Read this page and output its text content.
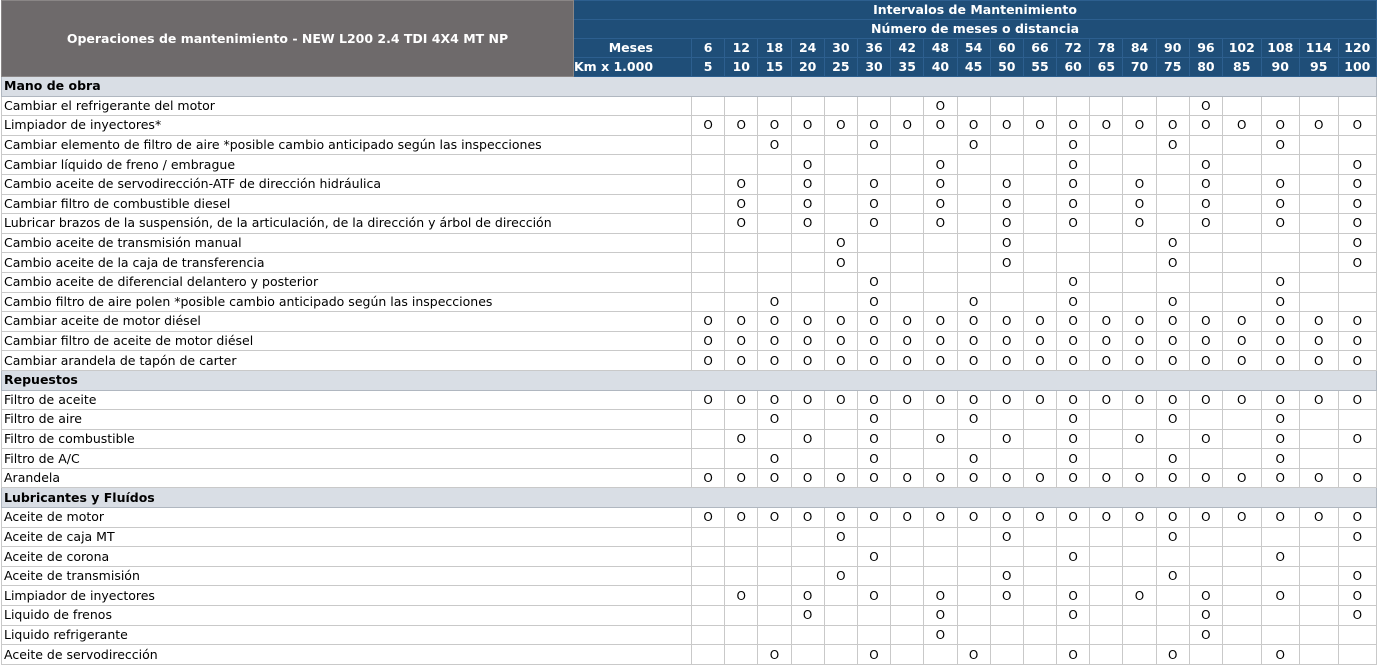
Operaciones de mantenimiento - NEW L200 2.4 TDI 4X4 MT NP	Intervalos de Mantenimiento																				
	Número de meses o distancia																				
	Meses	6	12	18	24	30	36	42	48	54	60	66	72	78	84	90	96	102	108	114	120
	Km x 1.000	5	10	15	20	25	30	35	40	45	50	55	60	65	70	75	80	85	90	95	100
Mano de obra																					
Cambiar el refrigerante del motor									O								O				
Limpiador de inyectores*		O	O	O	O	O	O	O	O	O	O	O	O	O	O	O	O	O	O	O	O
Cambiar elemento de filtro de aire *posible cambio anticipado según las inspecciones				O			O			O			O			O			O		
Cambiar líquido de freno / embrague					O				O				O				O				O
Cambio aceite de servodirección-ATF de dirección hidráulica			O		O		O		O		O		O		O		O		O		O
Cambiar filtro de combustible diesel			O		O		O		O		O		O		O		O		O		O
Lubricar brazos de la suspensión, de la articulación, de la dirección y árbol de dirección			O		O		O		O		O		O		O		O		O		O
Cambio aceite de transmisión manual						O					O					O					O
Cambio aceite de la caja de transferencia						O					O					O					O
Cambio aceite de diferencial delantero y posterior							O						O						O		
Cambio filtro de aire polen *posible cambio anticipado según las inspecciones				O			O			O			O			O			O		
Cambiar aceite de motor diésel		O	O	O	O	O	O	O	O	O	O	O	O	O	O	O	O	O	O	O	O
Cambiar filtro de aceite de motor diésel		O	O	O	O	O	O	O	O	O	O	O	O	O	O	O	O	O	O	O	O
Cambiar arandela de tapón de carter		O	O	O	O	O	O	O	O	O	O	O	O	O	O	O	O	O	O	O	O
Repuestos																					
Filtro de aceite		O	O	O	O	O	O	O	O	O	O	O	O	O	O	O	O	O	O	O	O
Filtro de aire				O			O			O			O			O			O		
Filtro de combustible			O		O		O		O		O		O		O		O		O		O
Filtro de A/C				O			O			O			O			O			O		
Arandela		O	O	O	O	O	O	O	O	O	O	O	O	O	O	O	O	O	O	O	O
Lubricantes y Fluídos																					
Aceite de motor		O	O	O	O	O	O	O	O	O	O	O	O	O	O	O	O	O	O	O	O
Aceite de caja MT						O					O					O					O
Aceite de corona							O						O						O		
Aceite de transmisión						O					O					O					O
Limpiador de inyectores			O		O		O		O		O		O		O		O		O		O
Liquido de frenos					O				O				O				O				O
Liquido refrigerante									O								O				
Aceite de servodirección				O			O			O			O			O			O		
